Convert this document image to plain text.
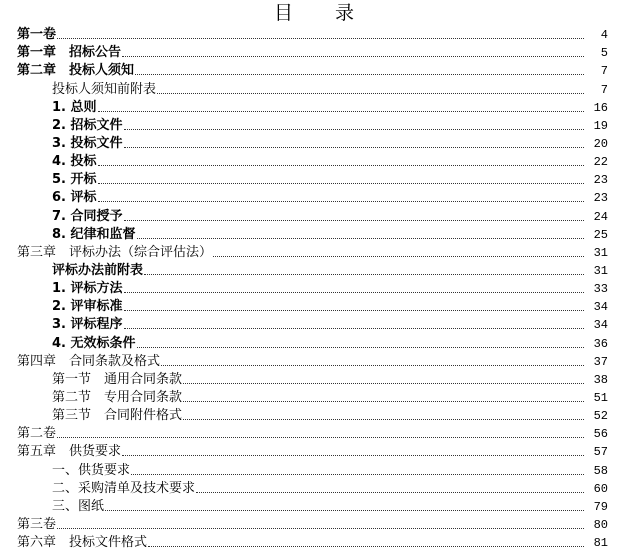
目 录
第一卷	4
第一章　招标公告	5
第二章　投标人须知	7
投标人须知前附表	7
1. 总则	16
2. 招标文件	19
3. 投标文件	20
4. 投标	22
5. 开标	23
6. 评标	23
7. 合同授予	24
8. 纪律和监督	25
第三章　评标办法（综合评估法）	31
评标办法前附表	31
1. 评标方法	33
2. 评审标准	34
3. 评标程序	34
4. 无效标条件	36
第四章　合同条款及格式	37
第一节　通用合同条款	38
第二节　专用合同条款	51
第三节　合同附件格式	52
第二卷	56
第五章　供货要求	57
一、供货要求	58
二、采购清单及技术要求	60
三、图纸	79
第三卷	80
第六章　投标文件格式	81
